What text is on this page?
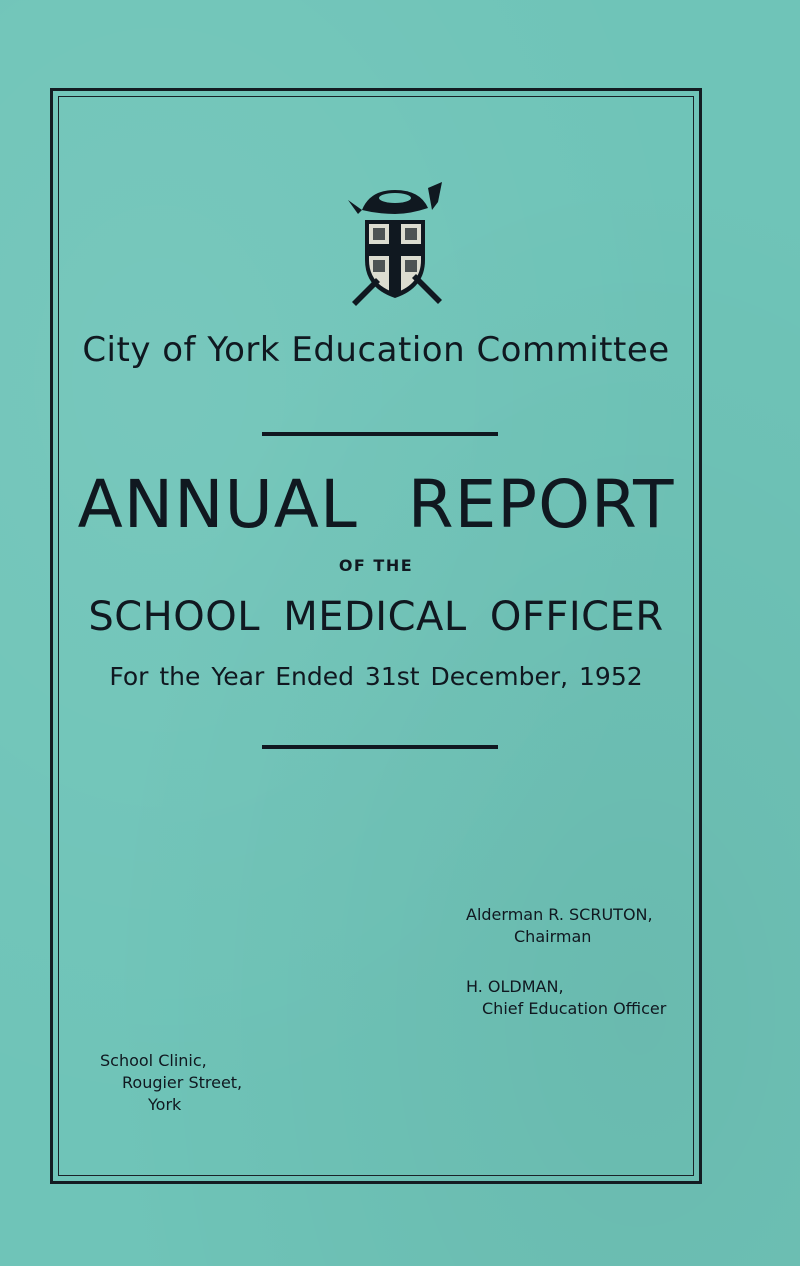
City of York Education Committee
ANNUAL REPORT
OF THE
SCHOOL MEDICAL OFFICER
For the Year Ended 31st December, 1952
Alderman R. SCRUTON,
Chairman
H. OLDMAN,
Chief Education Officer
School Clinic,
Rougier Street,
York
